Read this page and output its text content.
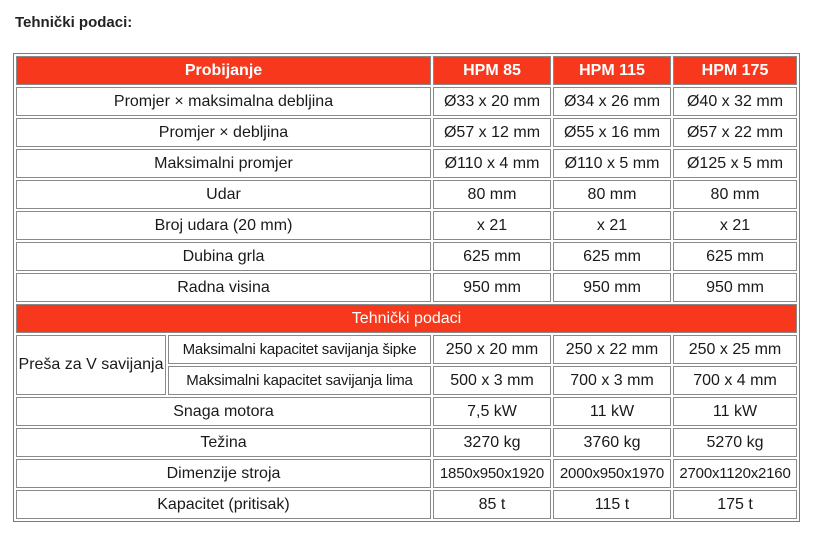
Tehnički podaci:
Probijanje		HPM 85	HPM 115	HPM 175
Promjer × maksimalna debljina		Ø33 x 20 mm	Ø34 x 26 mm	Ø40 x 32 mm
Promjer × debljina		Ø57 x 12 mm	Ø55 x 16 mm	Ø57 x 22 mm
Maksimalni promjer		Ø110 x 4 mm	Ø110 x 5 mm	Ø125 x 5 mm
Udar		80 mm	80 mm	80 mm
Broj udara (20 mm)		x 21	x 21	x 21
Dubina grla		625 mm	625 mm	625 mm
Radna visina		950 mm	950 mm	950 mm
Tehnički podaci				
Preša za V savijanja	Maksimalni kapacitet savijanja šipke	250 x 20 mm	250 x 22 mm	250 x 25 mm
	Maksimalni kapacitet savijanja lima	500 x 3 mm	700 x 3 mm	700 x 4 mm
Snaga motora		7,5 kW	11 kW	11 kW
Težina		3270 kg	3760 kg	5270 kg
Dimenzije stroja		1850x950x1920	2000x950x1970	2700x1120x2160
Kapacitet (pritisak)		85 t	115 t	175 t
